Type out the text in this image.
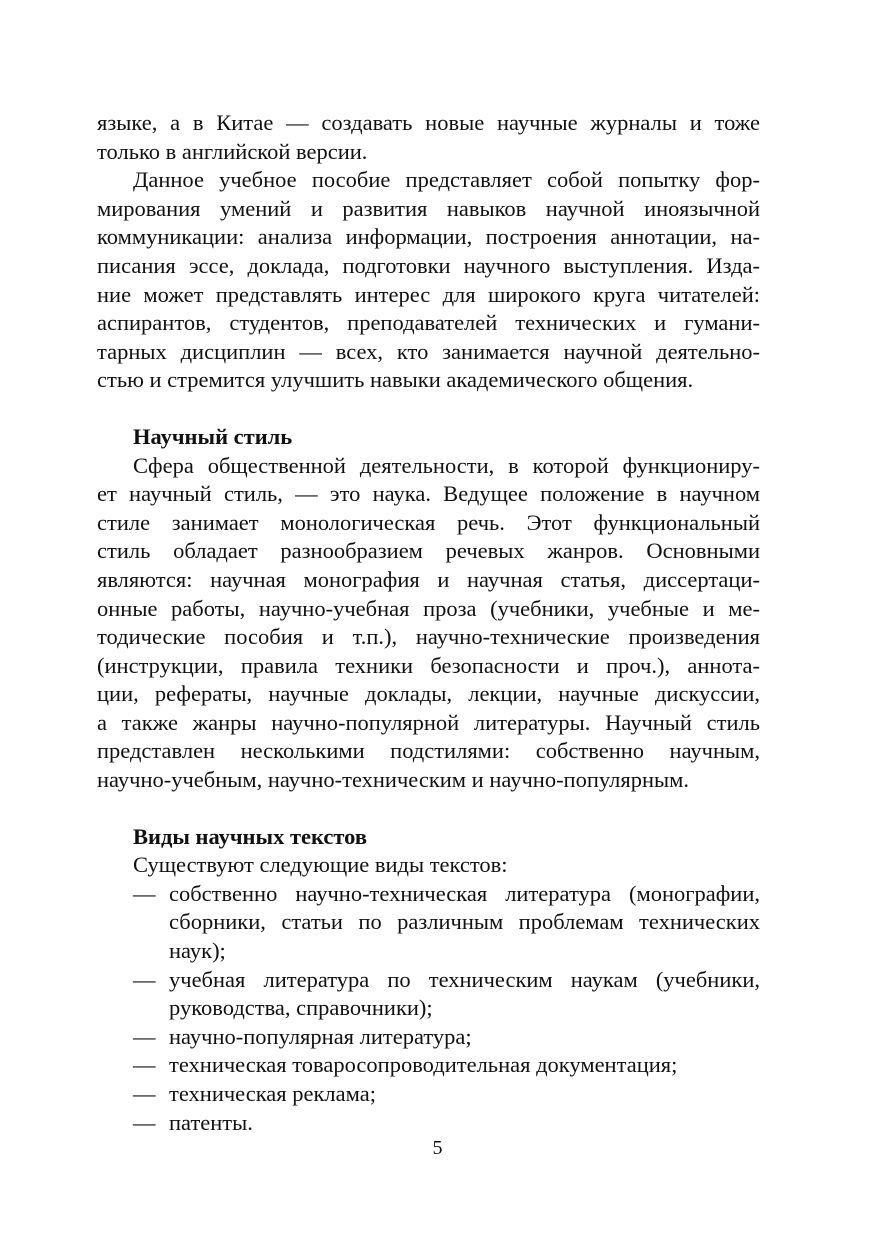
языке, а в Китае — создавать новые научные журналы и тоже
только в английской версии.
Данное учебное пособие представляет собой попытку фор-
мирования умений и развития навыков научной иноязычной
коммуникации: анализа информации, построения аннотации, на-
писания эссе, доклада, подготовки научного выступления. Изда-
ние может представлять интерес для широкого круга читателей:
аспирантов, студентов, преподавателей технических и гумани-
тарных дисциплин — всех, кто занимается научной деятельно-
стью и стремится улучшить навыки академического общения.
Научный стиль
Сфера общественной деятельности, в которой функциониру-
ет научный стиль, — это наука. Ведущее положение в научном
стиле занимает монологическая речь. Этот функциональный
стиль обладает разнообразием речевых жанров. Основными
являются: научная монография и научная статья, диссертаци-
онные работы, научно-учебная проза (учебники, учебные и ме-
тодические пособия и т.п.), научно-технические произведения
(инструкции, правила техники безопасности и проч.), аннота-
ции, рефераты, научные доклады, лекции, научные дискуссии,
а также жанры научно-популярной литературы. Научный стиль
представлен несколькими подстилями: собственно научным,
научно-учебным, научно-техническим и научно-популярным.
Виды научных текстов
Существуют следующие виды текстов:
— собственно научно-техническая литература (монографии,
сборники, статьи по различным проблемам технических
наук);
— учебная литература по техническим наукам (учебники,
руководства, справочники);
— научно-популярная литература;
— техническая товаросопроводительная документация;
— техническая реклама;
— патенты.
5
